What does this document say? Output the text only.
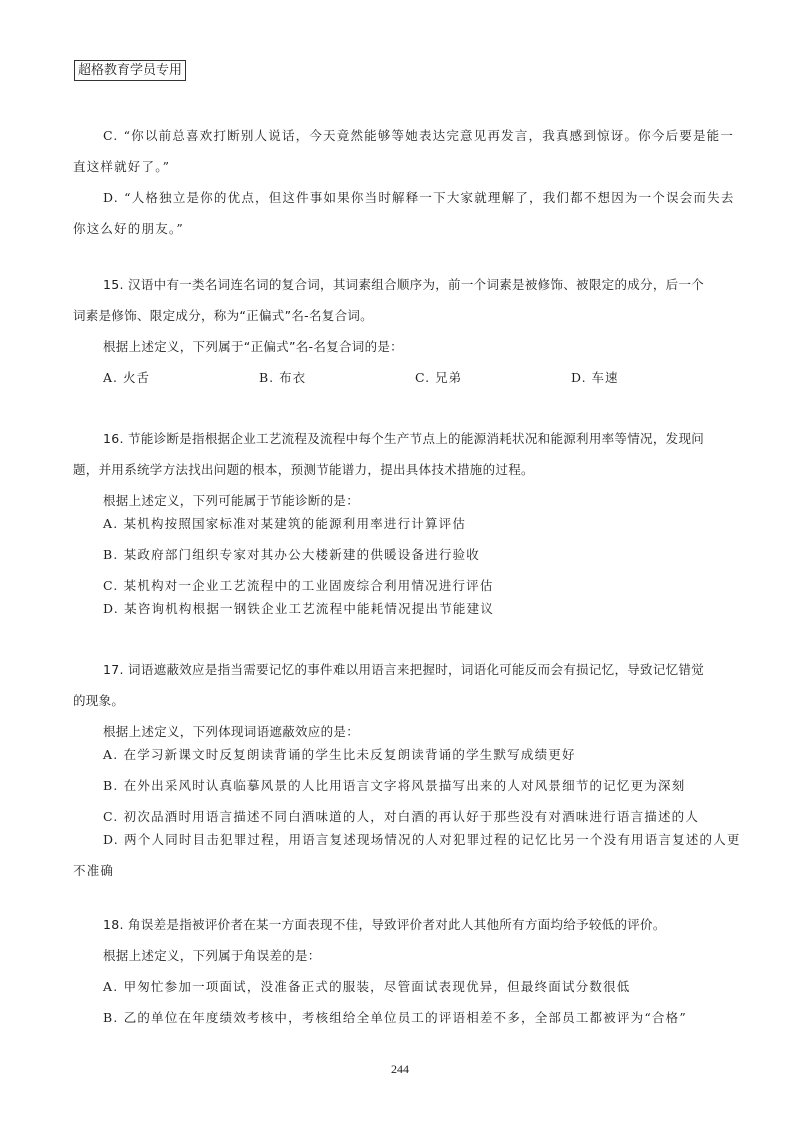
超格教育学员专用
C. “你以前总喜欢打断别人说话，今天竟然能够等她表达完意见再发言，我真感到惊讶。你今后要是能一
直这样就好了。”
D. “人格独立是你的优点，但这件事如果你当时解释一下大家就理解了，我们都不想因为一个误会而失去
你这么好的朋友。”
15. 汉语中有一类名词连名词的复合词，其词素组合顺序为，前一个词素是被修饰、被限定的成分，后一个
词素是修饰、限定成分，称为“正偏式”名-名复合词。
根据上述定义，下列属于“正偏式”名-名复合词的是：
A. 火舌	B. 布衣	C. 兄弟	D. 车速
16. 节能诊断是指根据企业工艺流程及流程中每个生产节点上的能源消耗状况和能源利用率等情况，发现问
题，并用系统学方法找出问题的根本，预测节能谱力，提出具体技术措施的过程。
根据上述定义，下列可能属于节能诊断的是：
A. 某机构按照国家标准对某建筑的能源利用率进行计算评估
B. 某政府部门组织专家对其办公大楼新建的供暖设备进行验收
C. 某机构对一企业工艺流程中的工业固废综合利用情况进行评估
D. 某咨询机构根据一钢铁企业工艺流程中能耗情况提出节能建议
17. 词语遮蔽效应是指当需要记忆的事件难以用语言来把握时，词语化可能反而会有损记忆，导致记忆错觉
的现象。
根据上述定义，下列体现词语遮蔽效应的是：
A. 在学习新课文时反复朗读背诵的学生比未反复朗读背诵的学生默写成绩更好
B. 在外出采风时认真临摹风景的人比用语言文字将风景描写出来的人对风景细节的记忆更为深刻
C. 初次品酒时用语言描述不同白酒味道的人，对白酒的再认好于那些没有对酒味进行语言描述的人
D. 两个人同时目击犯罪过程，用语言复述现场情况的人对犯罪过程的记忆比另一个没有用语言复述的人更
不准确
18. 角误差是指被评价者在某一方面表现不佳，导致评价者对此人其他所有方面均给予较低的评价。
根据上述定义，下列属于角误差的是：
A. 甲匆忙参加一项面试，没准备正式的服装，尽管面试表现优异，但最终面试分数很低
B. 乙的单位在年度绩效考核中，考核组给全单位员工的评语相差不多，全部员工都被评为“合格”
244
